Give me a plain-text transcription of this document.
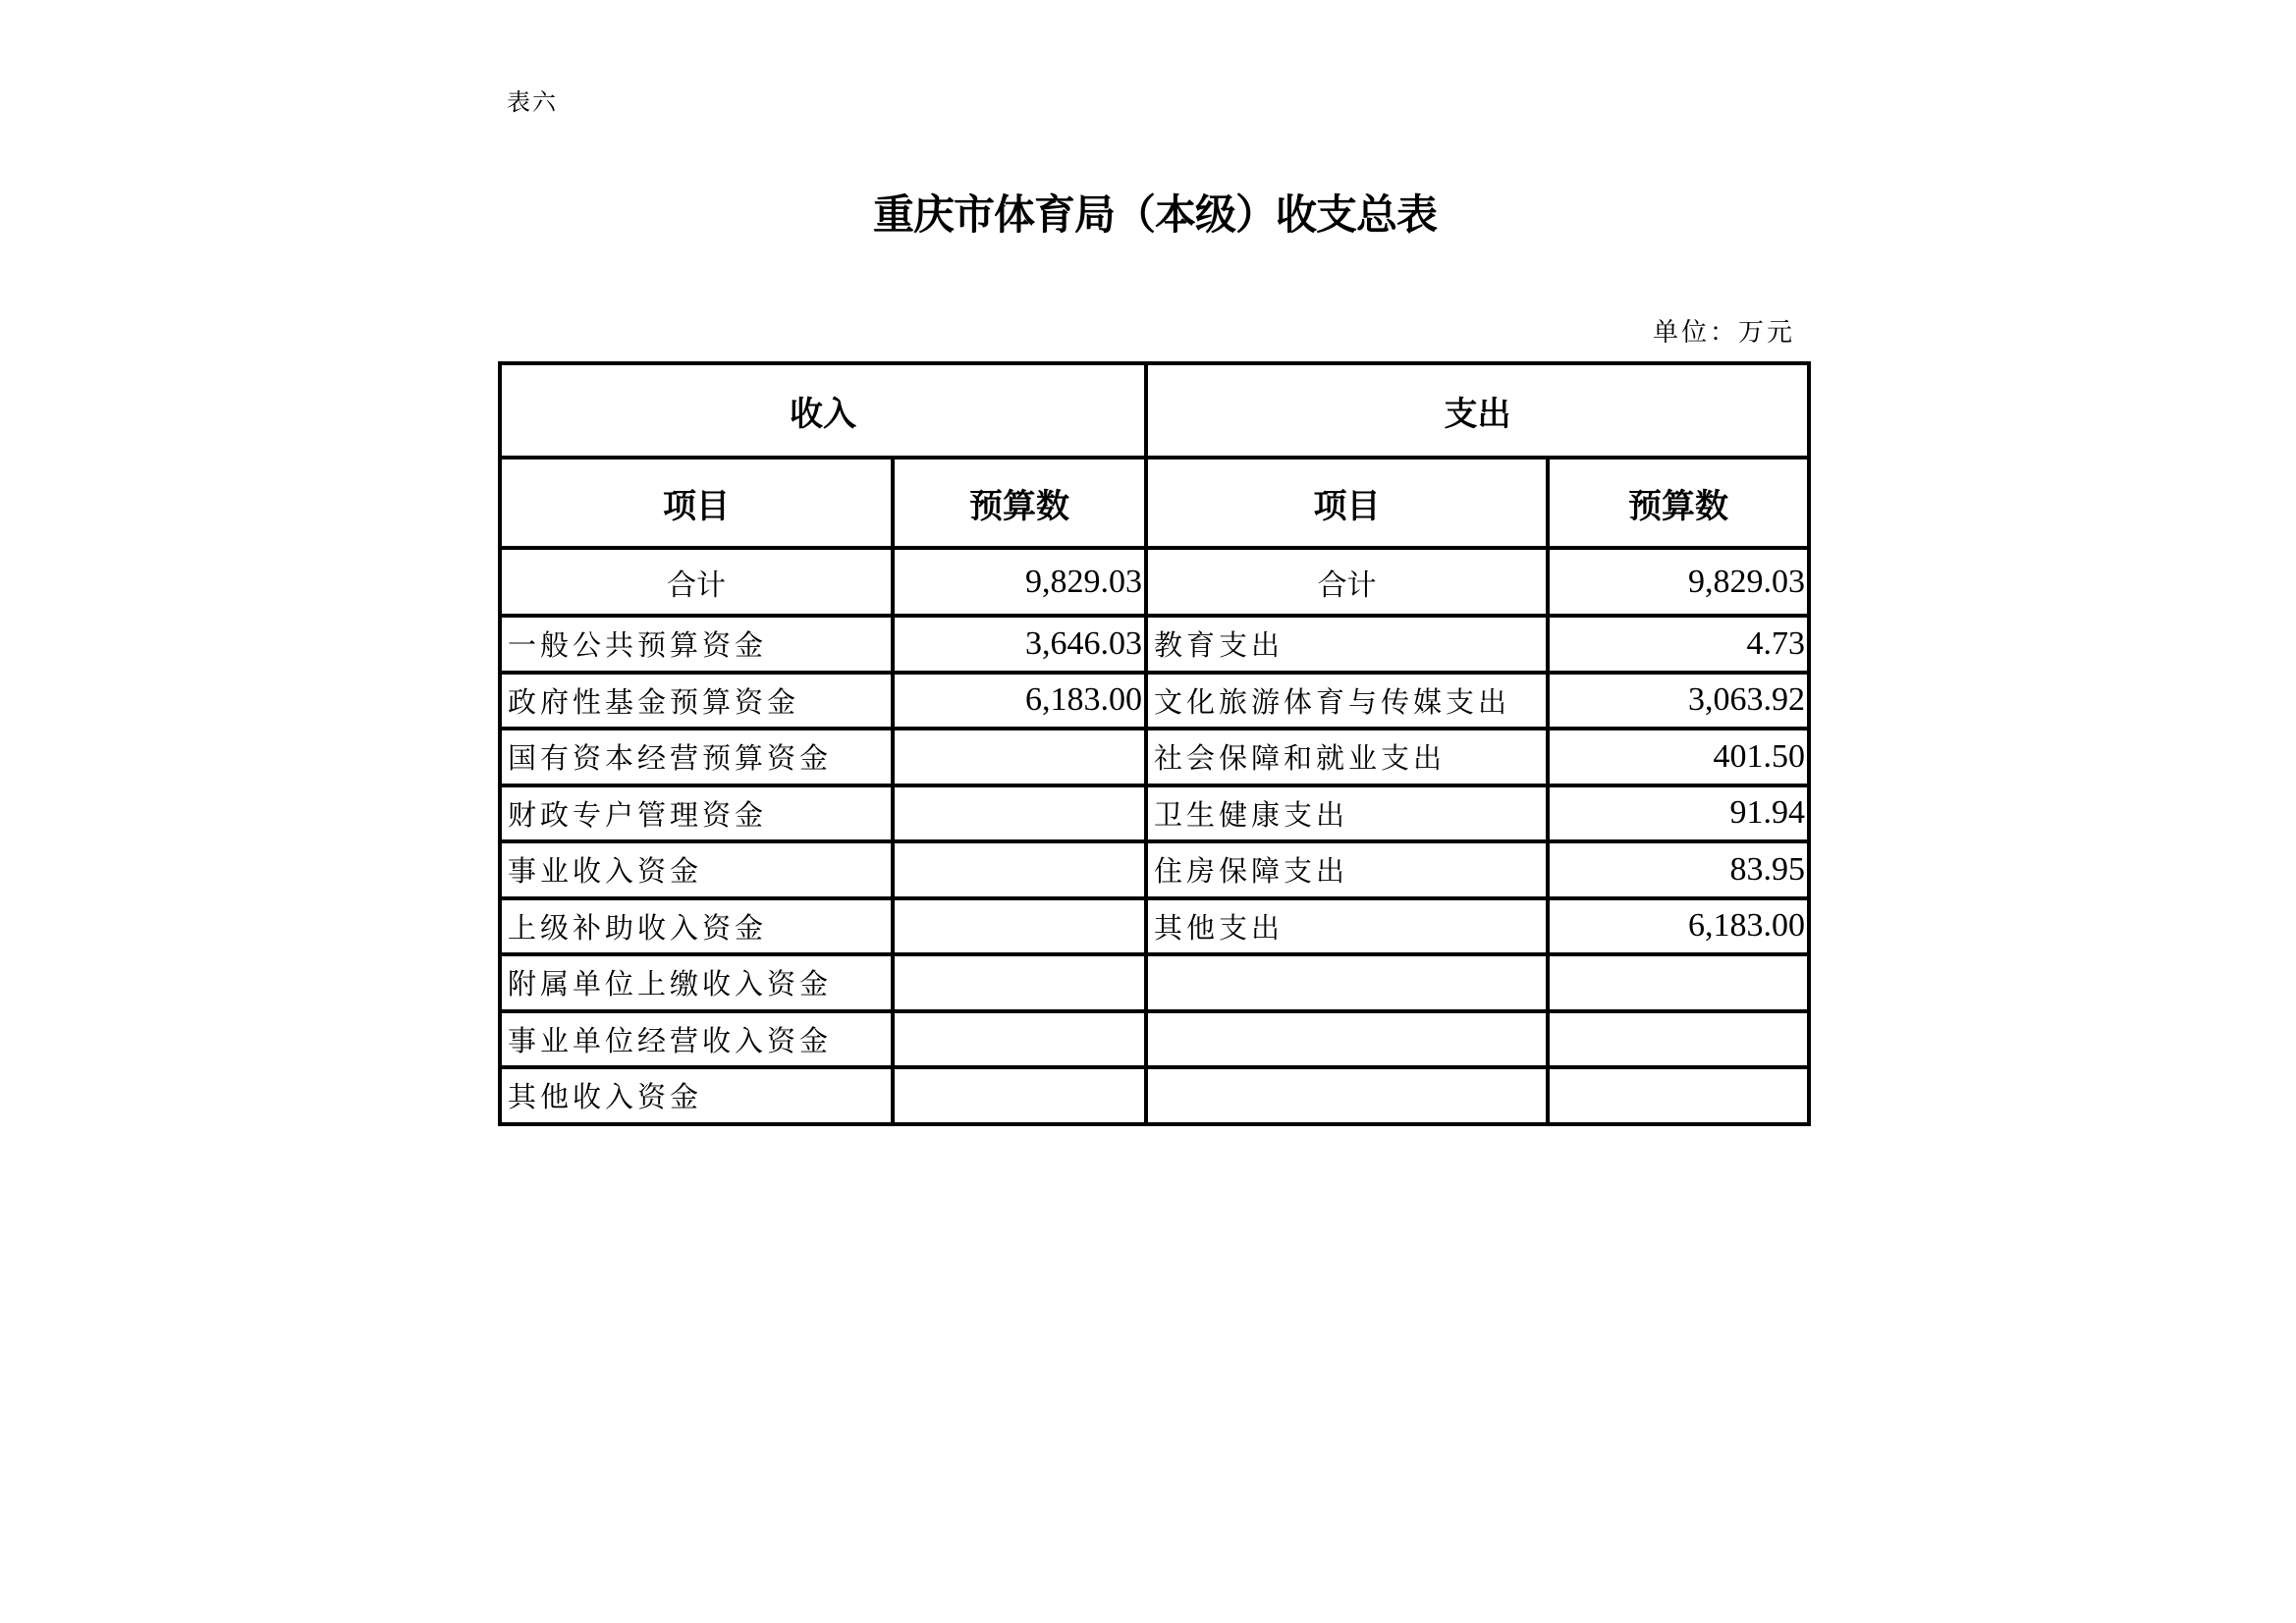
表六
重庆市体育局（本级）收支总表
单位：万元
收入		支出	
项目	预算数	项目	预算数
合计	9,829.03	合计	9,829.03
一般公共预算资金	3,646.03	教育支出	4.73
政府性基金预算资金	6,183.00	文化旅游体育与传媒支出	3,063.92
国有资本经营预算资金		社会保障和就业支出	401.50
财政专户管理资金		卫生健康支出	91.94
事业收入资金		住房保障支出	83.95
上级补助收入资金		其他支出	6,183.00
附属单位上缴收入资金			
事业单位经营收入资金			
其他收入资金			
